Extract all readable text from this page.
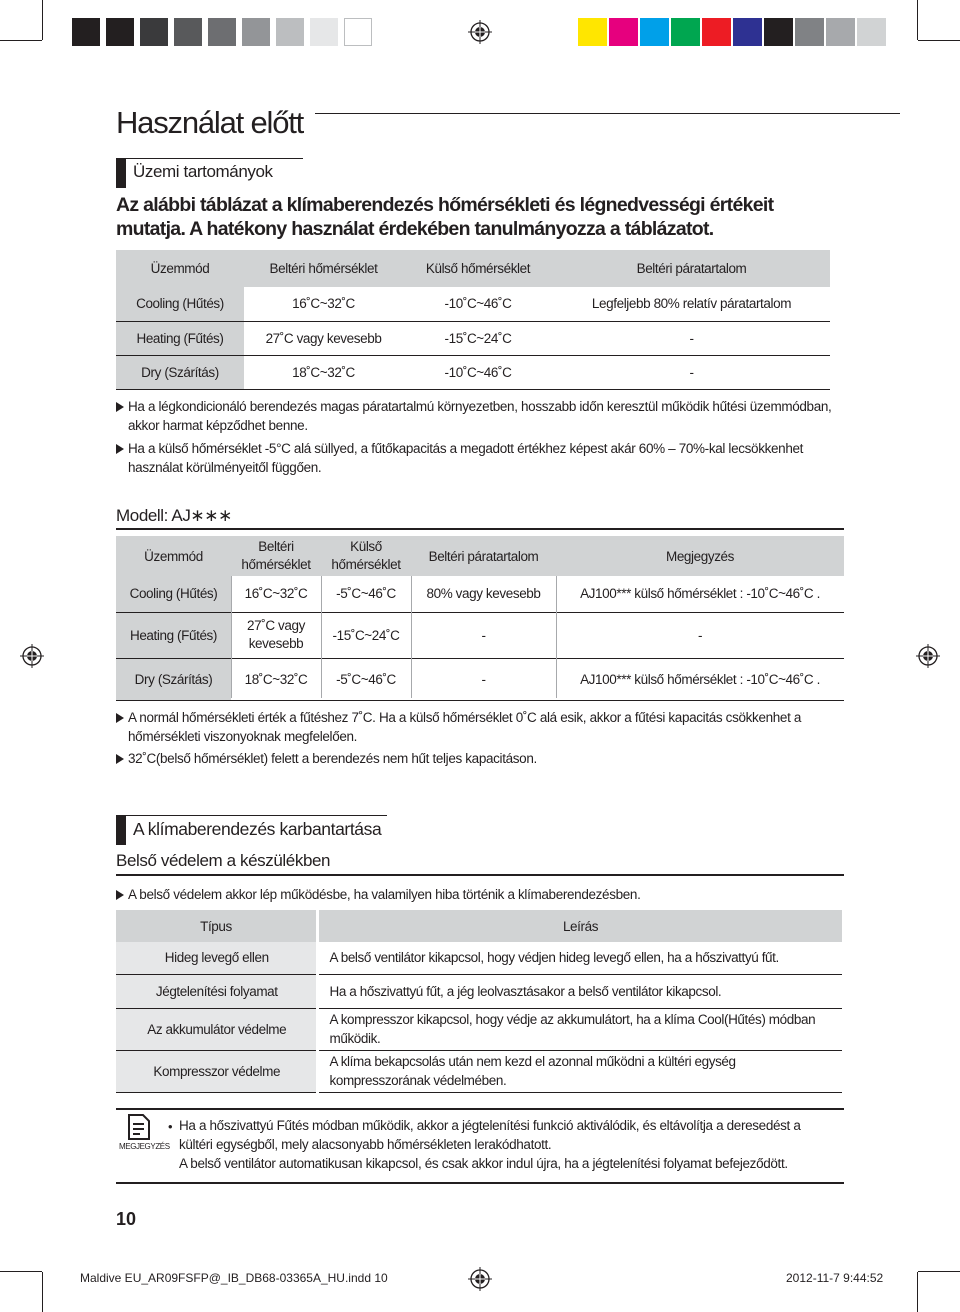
Használat előtt
Üzemi tartományok
Az alábbi táblázat a klímaberendezés hőmérsékleti és légnedvességi értékeit
mutatja. A hatékony használat érdekében tanulmányozza a táblázatot.
Üzemmód	Beltéri hőmérséklet	Külső hőmérséklet	Beltéri páratartalom
Cooling (Hűtés)	16˚C~32˚C	-10˚C~46˚C	Legfeljebb 80% relatív páratartalom
Heating (Fűtés)	27˚C vagy kevesebb	-15˚C~24˚C	-
Dry (Szárítás)	18˚C~32˚C	-10˚C~46˚C	-
Ha a légkondicionáló berendezés magas páratartalmú környezetben, hosszabb időn keresztül működik hűtési üzemmódban,
akkor harmat képződhet benne.
Ha a külső hőmérséklet -5°C alá süllyed, a fűtőkapacitás a megadott értékhez képest akár 60% – 70%-kal lecsökkenhet
használat körülményeitől függően.
Modell: AJ∗∗∗
Üzemmód	Beltéri hőmérséklet	Külső hőmérséklet	Beltéri páratartalom	Megjegyzés
Cooling (Hűtés)	16˚C~32˚C	-5˚C~46˚C	80% vagy kevesebb	AJ100*** külső hőmérséklet : -10˚C~46˚C .
Heating (Fűtés)	27˚C vagy kevesebb	-15˚C~24˚C	-	-
Dry (Szárítás)	18˚C~32˚C	-5˚C~46˚C	-	AJ100*** külső hőmérséklet : -10˚C~46˚C .
A normál hőmérsékleti érték a fűtéshez 7˚C. Ha a külső hőmérséklet 0˚C alá esik, akkor a fűtési kapacitás csökkenhet a
hőmérsékleti viszonyoknak megfelelően.
32˚C(belső hőmérséklet) felett a berendezés nem hűt teljes kapacitáson.
A klímaberendezés karbantartása
Belső védelem a készülékben
A belső védelem akkor lép működésbe, ha valamilyen hiba történik a klímaberendezésben.
Típus	Leírás
Hideg levegő ellen	A belső ventilátor kikapcsol, hogy védjen hideg levegő ellen, ha a hőszivattyú fűt.

Jégtelenítési folyamat	Ha a hőszivattyú fűt, a jég leolvasztásakor a belső ventilátor kikapcsol.

Az akkumulátor védelme	A kompresszor kikapcsol, hogy védje az akkumulátort, ha a klíma Cool(Hűtés) módban
működik.

Kompresszor védelme	A klíma bekapcsolás után nem kezd el azonnal működni a kültéri egység
kompresszorának védelmében.
MEGJEGYZÉS
• Ha a hőszivattyú Fűtés módban működik, akkor a jégtelenítési funkció aktiválódik, és eltávolítja a deresedést a
kültéri egységből, mely alacsonyabb hőmérsékleten lerakódhatott.
A belső ventilátor automatikusan kikapcsol, és csak akkor indul újra, ha a jégtelenítési folyamat befejeződött.
10
Maldive EU_AR09FSFP@_IB_DB68-03365A_HU.indd 10	2012-11-7 9:44:52
